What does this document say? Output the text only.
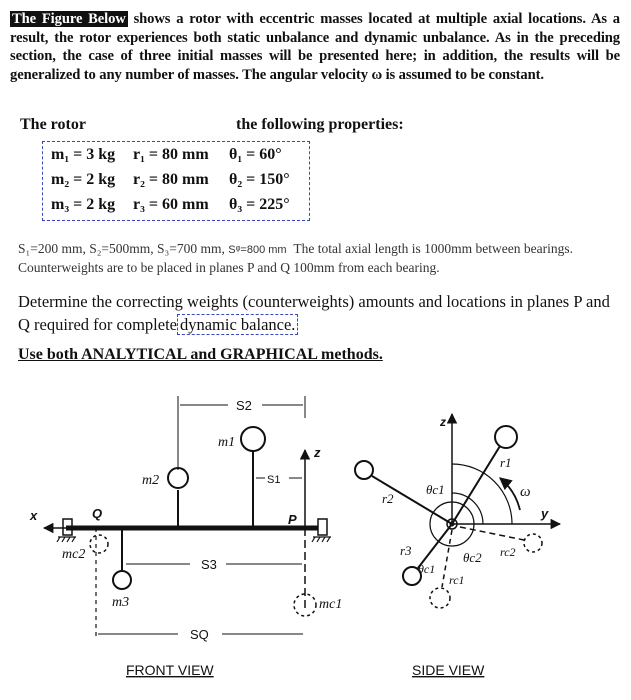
The Figure Below shows a rotor with eccentric masses located at multiple axial locations. As a result, the rotor experiences both static unbalance and dynamic unbalance. As in the preceding section, the case of three initial masses will be presented here; in addition, the results will be generalized to any number of masses. The angular velocity ω is assumed to be constant.
The rotor	the following properties:
m₁ = 3 kg r₁ = 80 mm θ₁ = 60°
m₂ = 2 kg r₂ = 80 mm θ₂ = 150°
m₃ = 2 kg r₃ = 60 mm θ₃ = 225°
S₁=200 mm, S₂=500mm, S₃=700 mm, Sᵠ=800 mm The total axial length is 1000mm between bearings. Counterweights are to be placed in planes P and Q 100mm from each bearing.
Determine the correcting weights (counterweights) amounts and locations in planes P and Q required for complete dynamic balance.
Use both ANALYTICAL and GRAPHICAL methods.
S2
S1
S3
SQ
m1
m2
m3	mc1
mc2
x
z
Q	P
FRONT VIEW
z
y
r1
r2
r3
rc1
rc2
θc1
θc2
θc1
ω
SIDE VIEW
